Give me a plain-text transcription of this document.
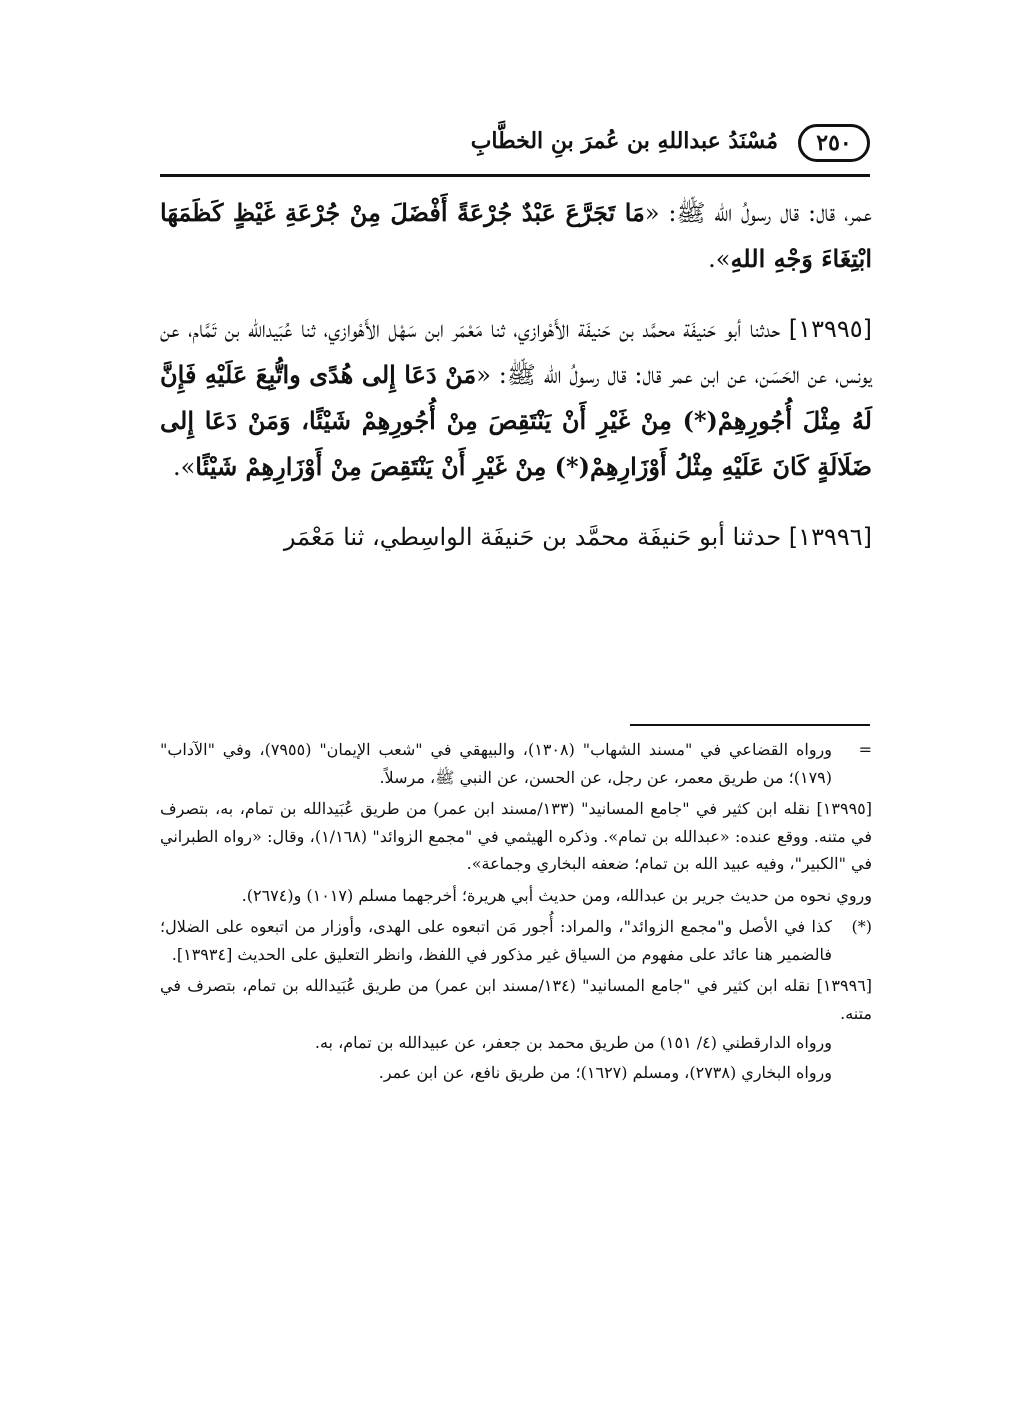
٢٥٠
مُسْنَدُ عبداللهِ بن عُمرَ بنِ الخطَّابِ

عمر، قال: قال رسولُ الله ﷺ: «مَا تَجَرَّعَ عَبْدٌ جُرْعَةً أَفْضَلَ مِنْ جُرْعَةِ غَيْظٍ كَظَمَهَا ابْتِغَاءَ وَجْهِ اللهِ».

[١٣٩٩٥] حدثنا أبو حَنيفَة محمَّد بن حَنيفَة الأَهْوازي، ثنا مَعْمَر ابن سَهْل الأَهْوازي، ثنا عُبَيدالله بن تَمَّام، عن يونس، عن الحَسَن، عن ابن عمر قال: قال رسولُ الله ﷺ: «مَنْ دَعَا إِلى هُدًى واتُّبِعَ عَلَيْهِ فَإِنَّ لَهُ مِثْلَ أُجُورِهِمْ(*) مِنْ غَيْرِ أَنْ يَنْتَقِصَ مِنْ أُجُورِهِمْ شَيْئًا، وَمَنْ دَعَا إِلى ضَلَالَةٍ كَانَ عَلَيْهِ مِثْلُ أَوْزَارِهِمْ(*) مِنْ غَيْرِ أَنْ يَنْتَقِصَ مِنْ أَوْزَارِهِمْ شَيْئًا».

[١٣٩٩٦] حدثنا أبو حَنيفَة محمَّد بن حَنيفَة الواسِطي، ثنا مَعْمَر

=
ورواه القضاعي في "مسند الشهاب" (١٣٠٨)، والبيهقي في "شعب الإيمان" (٧٩٥٥)، وفي "الآداب" (١٧٩)؛ من طريق معمر، عن رجل، عن الحسن، عن النبي ﷺ، مرسلاً.

[١٣٩٩٥] نقله ابن كثير في "جامع المسانيد" (١٣٣/مسند ابن عمر) من طريق عُبَيدالله بن تمام، به، بتصرف في متنه. ووقع عنده: «عبدالله بن تمام». وذكره الهيثمي في "مجمع الزوائد" (١/١٦٨)، وقال: «رواه الطبراني في "الكبير"، وفيه عبيد الله بن تمام؛ ضعفه البخاري وجماعة».

وروي نحوه من حديث جرير بن عبدالله، ومن حديث أبي هريرة؛ أخرجهما مسلم (١٠١٧) و(٢٦٧٤).

(*)
كذا في الأصل و"مجمع الزوائد"، والمراد: أُجور مَن اتبعوه على الهدى، وأوزار من اتبعوه على الضلال؛ فالضمير هنا عائد على مفهوم من السياق غير مذكور في اللفظ، وانظر التعليق على الحديث [١٣٩٣٤].

[١٣٩٩٦] نقله ابن كثير في "جامع المسانيد" (١٣٤/مسند ابن عمر) من طريق عُبَيدالله بن تمام، بتصرف في متنه.

ورواه الدارقطني (٤/ ١٥١) من طريق محمد بن جعفر، عن عبيدالله بن تمام، به.

ورواه البخاري (٢٧٣٨)، ومسلم (١٦٢٧)؛ من طريق نافع، عن ابن عمر.
